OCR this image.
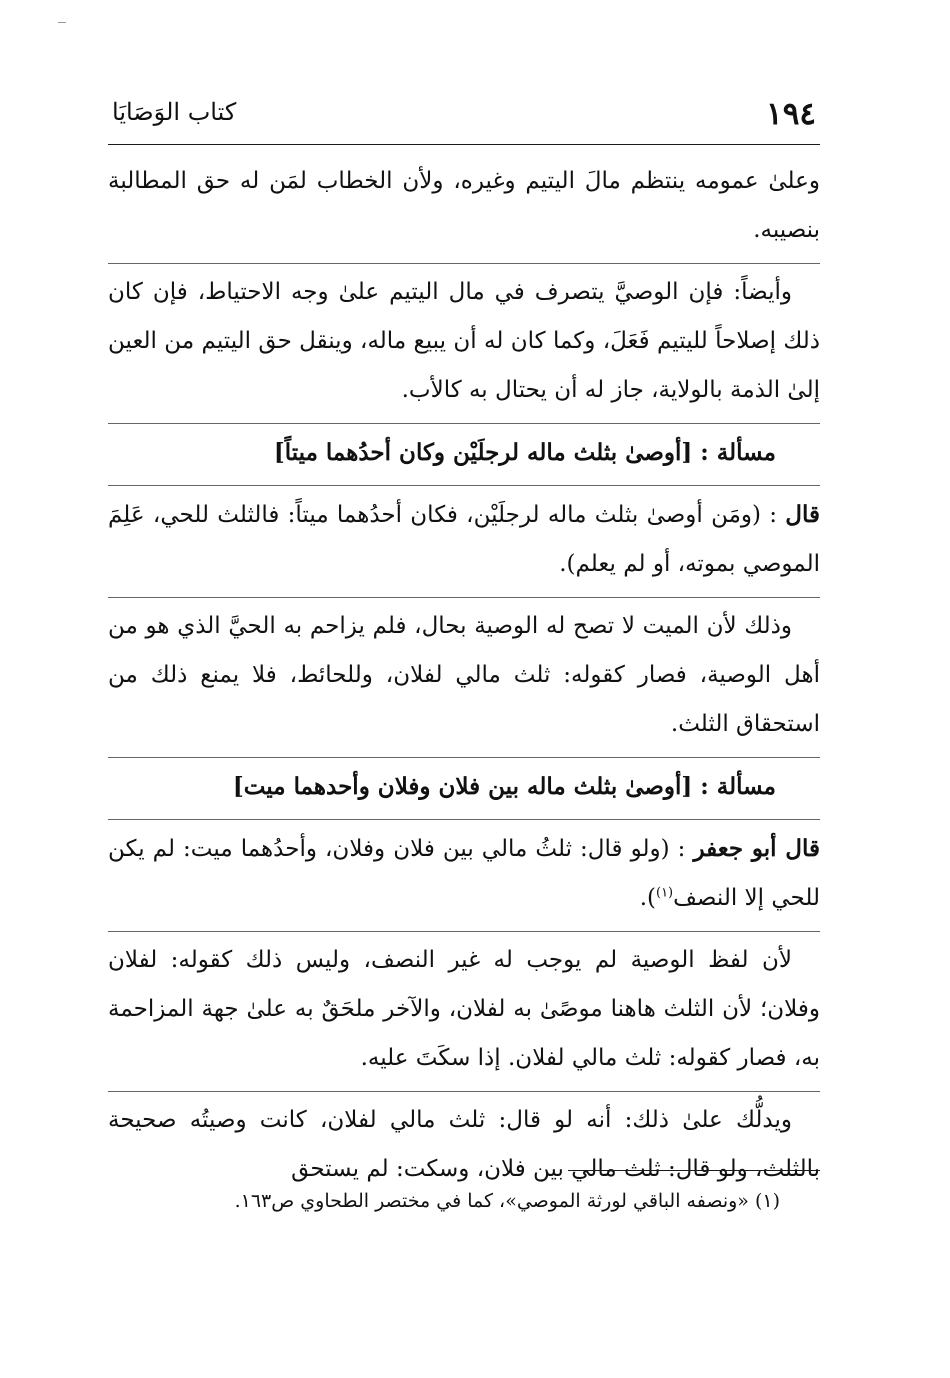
١٩٤
كتاب الوَصَايَا

وعلىٰ عمومه ينتظم مالَ اليتيم وغيره، ولأن الخطاب لمَن له حق المطالبة بنصيبه.

وأيضاً: فإن الوصيَّ يتصرف في مال اليتيم علىٰ وجه الاحتياط، فإن كان ذلك إصلاحاً لليتيم فَعَلَ، وكما كان له أن يبيع ماله، وينقل حق اليتيم من العين إلىٰ الذمة بالولاية، جاز له أن يحتال به كالأب.

مسألة : [أوصىٰ بثلث ماله لرجلَيْن وكان أحدُهما ميتاً]

قال : (ومَن أوصىٰ بثلث ماله لرجلَيْن، فكان أحدُهما ميتاً: فالثلث للحي، عَلِمَ الموصي بموته، أو لم يعلم).

وذلك لأن الميت لا تصح له الوصية بحال، فلم يزاحم به الحيَّ الذي هو من أهل الوصية، فصار كقوله: ثلث مالي لفلان، وللحائط، فلا يمنع ذلك من استحقاق الثلث.

مسألة : [أوصىٰ بثلث ماله بين فلان وفلان وأحدهما ميت]

قال أبو جعفر : (ولو قال: ثلثُ مالي بين فلان وفلان، وأحدُهما ميت: لم يكن للحي إلا النصف$^{(١)}$).

لأن لفظ الوصية لم يوجب له غير النصف، وليس ذلك كقوله: لفلان وفلان؛ لأن الثلث هاهنا موصًىٰ به لفلان، والآخر ملحَقٌ به علىٰ جهة المزاحمة به، فصار كقوله: ثلث مالي لفلان. إذا سكَتَ عليه.

ويدلُّك علىٰ ذلك: أنه لو قال: ثلث مالي لفلان، كانت وصيتُه صحيحة بالثلث، ولو قال: ثلث مالي بين فلان، وسكت: لم يستحق

(١) «ونصفه الباقي لورثة الموصي»، كما في مختصر الطحاوي ص١٦٣.
